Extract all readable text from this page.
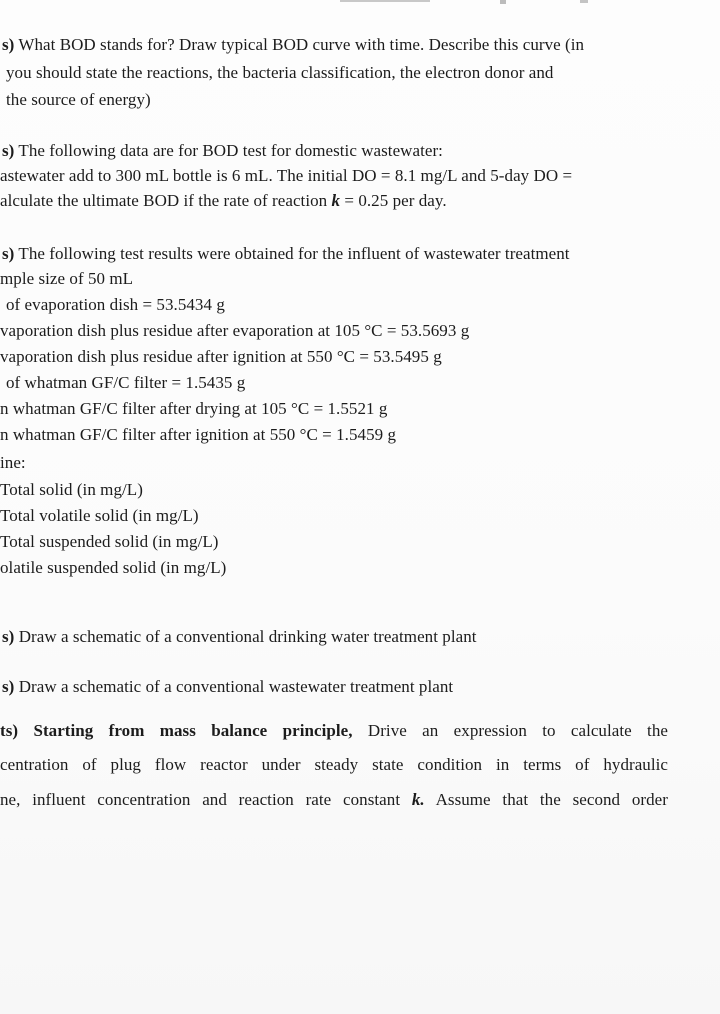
s) What BOD stands for? Draw typical BOD curve with time. Describe this curve (in
you should state the reactions, the bacteria classification, the electron donor and
the source of energy)
s) The following data are for BOD test for domestic wastewater:
astewater add to 300 mL bottle is 6 mL. The initial DO = 8.1 mg/L and 5-day DO =
alculate the ultimate BOD if the rate of reaction k = 0.25 per day.
s) The following test results were obtained for the influent of wastewater treatment
mple size of 50 mL
of evaporation dish = 53.5434 g
vaporation dish plus residue after evaporation at 105 °C = 53.5693 g
vaporation dish plus residue after ignition at 550 °C = 53.5495 g
of whatman GF/C filter = 1.5435 g
n whatman GF/C filter after drying at 105 °C = 1.5521 g
n whatman GF/C filter after ignition at 550 °C = 1.5459 g
ine:
Total solid (in mg/L)
Total volatile solid (in mg/L)
Total suspended solid (in mg/L)
olatile suspended solid (in mg/L)
s) Draw a schematic of a conventional drinking water treatment plant
s) Draw a schematic of a conventional wastewater treatment plant
ts) Starting from mass balance principle, Drive an expression to calculate the
centration of plug flow reactor under steady state condition in terms of hydraulic
ne, influent concentration and reaction rate constant k. Assume that the second order
